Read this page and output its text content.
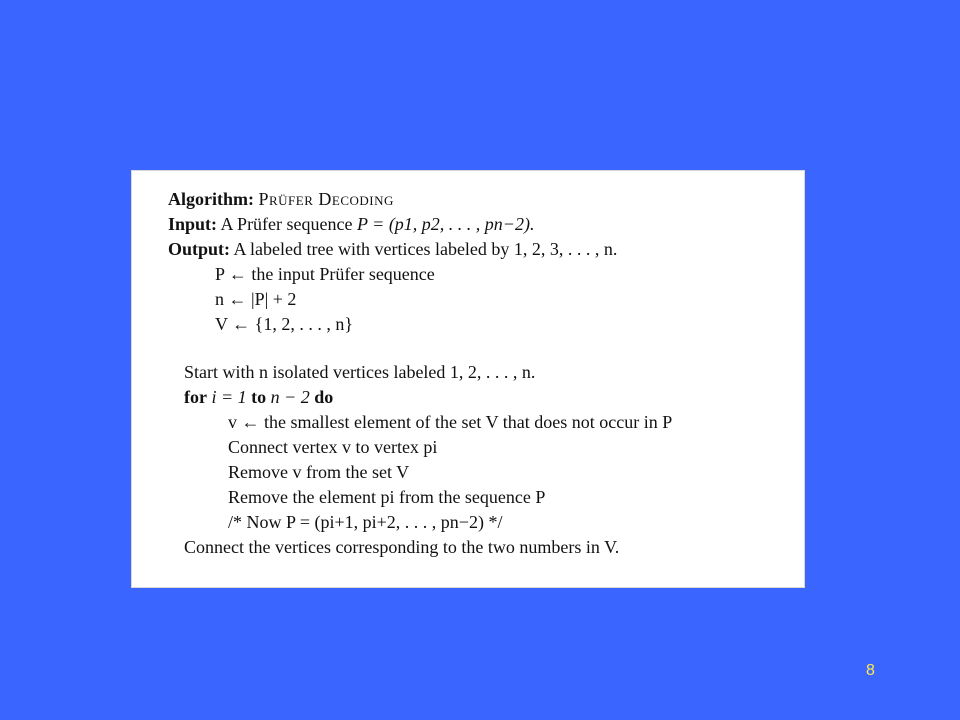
Algorithm: Prüfer Decoding
Input: A Prüfer sequence P = (p1, p2, . . . , pn−2).
Output: A labeled tree with vertices labeled by 1, 2, 3, . . . , n.
P ← the input Prüfer sequence
n ← |P| + 2
V ← {1, 2, . . . , n}
Start with n isolated vertices labeled 1, 2, . . . , n.
for i = 1 to n − 2 do
v ← the smallest element of the set V that does not occur in P
Connect vertex v to vertex pi
Remove v from the set V
Remove the element pi from the sequence P
/* Now P = (pi+1, pi+2, . . . , pn−2) */
Connect the vertices corresponding to the two numbers in V.
8
